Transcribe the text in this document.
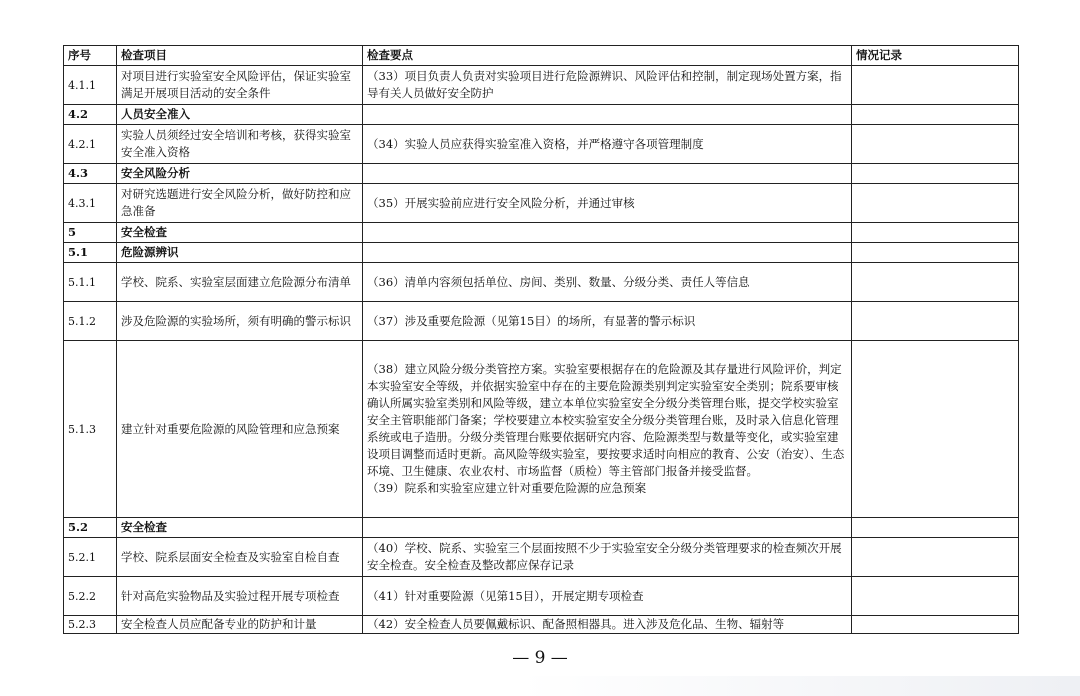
序号	检查项目	检查要点	情况记录
4.1.1	对项目进行实验室安全风险评估，保证实验室满足开展项目活动的安全条件	（33）项目负责人负责对实验项目进行危险源辨识、风险评估和控制，制定现场处置方案，指导有关人员做好安全防护	
4.2	人员安全准入		
4.2.1	实验人员须经过安全培训和考核，获得实验室安全准入资格	（34）实验人员应获得实验室准入资格，并严格遵守各项管理制度	
4.3	安全风险分析		
4.3.1	对研究选题进行安全风险分析，做好防控和应急准备	（35）开展实验前应进行安全风险分析，并通过审核	
5	安全检查		
5.1	危险源辨识		
5.1.1	学校、院系、实验室层面建立危险源分布清单	（36）清单内容须包括单位、房间、类别、数量、分级分类、责任人等信息	
5.1.2	涉及危险源的实验场所，须有明确的警示标识	（37）涉及重要危险源（见第15目）的场所，有显著的警示标识	
5.1.3	建立针对重要危险源的风险管理和应急预案	（38）建立风险分级分类管控方案。实验室要根据存在的危险源及其存量进行风险评价，判定本实验室安全等级，并依据实验室中存在的主要危险源类别判定实验室安全类别；院系要审核确认所属实验室类别和风险等级，建立本单位实验室安全分级分类管理台账，提交学校实验室安全主管职能部门备案；学校要建立本校实验室安全分级分类管理台账，及时录入信息化管理系统或电子造册。分级分类管理台账要依据研究内容、危险源类型与数量等变化，或实验室建设项目调整而适时更新。高风险等级实验室，要按要求适时向相应的教育、公安（治安）、生态环境、卫生健康、农业农村、市场监督（质检）等主管部门报备并接受监督。
（39）院系和实验室应建立针对重要危险源的应急预案	

5.2	安全检查		
5.2.1	学校、院系层面安全检查及实验室自检自查	（40）学校、院系、实验室三个层面按照不少于实验室安全分级分类管理要求的检查频次开展安全检查。安全检查及整改都应保存记录	
5.2.2	针对高危实验物品及实验过程开展专项检查	（41）针对重要险源（见第15目），开展定期专项检查	
5.2.3	安全检查人员应配备专业的防护和计量	（42）安全检查人员要佩戴标识、配备照相器具。进入涉及危化品、生物、辐射等	
— 9 —
